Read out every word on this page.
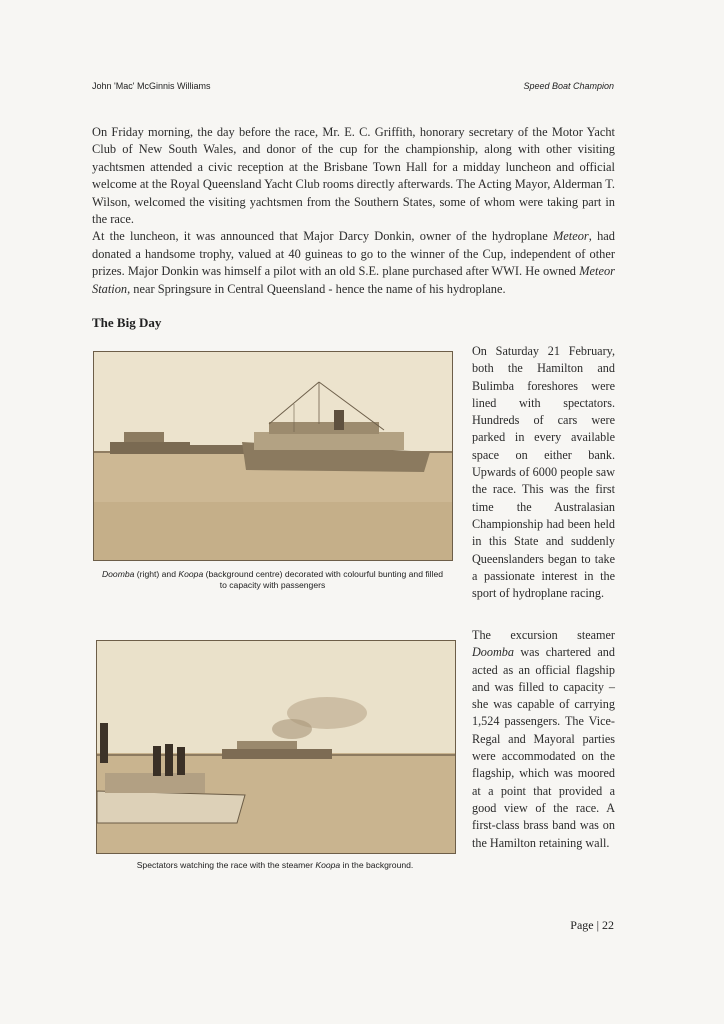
John 'Mac' McGinnis Williams	Speed Boat Champion

On Friday morning, the day before the race, Mr. E. C. Griffith, honorary secretary of the Motor Yacht Club of New South Wales, and donor of the cup for the championship, along with other visiting yachtsmen attended a civic reception at the Brisbane Town Hall for a midday luncheon and official welcome at the Royal Queensland Yacht Club rooms directly afterwards. The Acting Mayor, Alderman T. Wilson, welcomed the visiting yachtsmen from the Southern States, some of whom were taking part in the race.

At the luncheon, it was announced that Major Darcy Donkin, owner of the hydroplane Meteor, had donated a handsome trophy, valued at 40 guineas to go to the winner of the Cup, independent of other prizes. Major Donkin was himself a pilot with an old S.E. plane purchased after WWI. He owned Meteor Station, near Springsure in Central Queensland - hence the name of his hydroplane.

The Big Day
Doomba (right) and Koopa (background centre) decorated with colourful bunting and filled to capacity with passengers
Spectators watching the race with the steamer Koopa in the background.

On Saturday 21 February, both the Hamilton and Bulimba foreshores were lined with spectators. Hundreds of cars were parked in every available space on either bank. Upwards of 6000 people saw the race. This was the first time the Australasian Championship had been held in this State and suddenly Queenslanders began to take a passionate interest in the sport of hydroplane racing.

The excursion steamer Doomba was chartered and acted as an official flagship and was filled to capacity – she was capable of carrying 1,524 passengers. The Vice-Regal and Mayoral parties were accommodated on the flagship, which was moored at a point that provided a good view of the race. A first-class brass band was on the Hamilton retaining wall.

Page | 22
